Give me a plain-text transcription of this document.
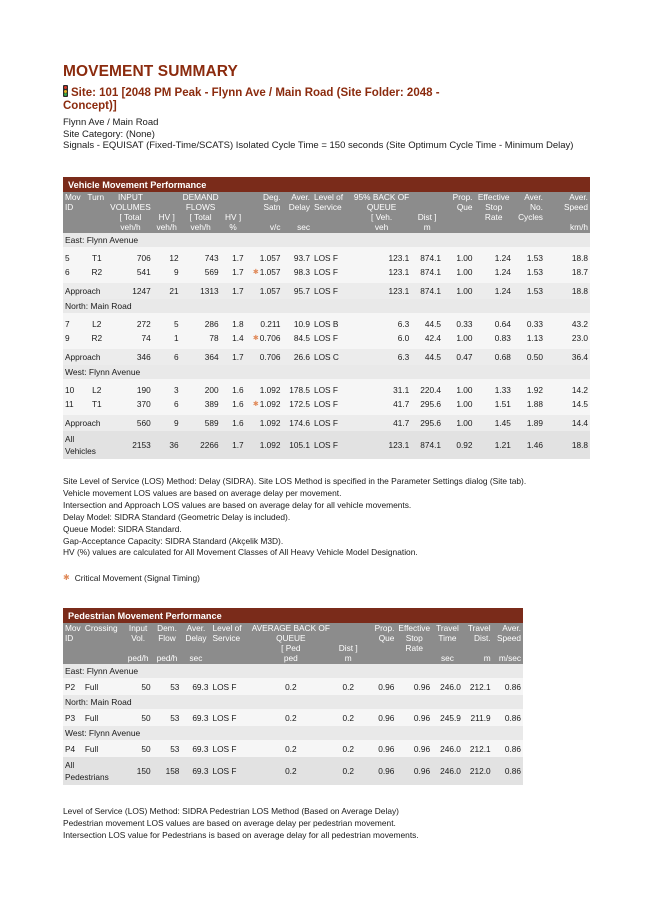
MOVEMENT SUMMARY
Site: 101 [2048 PM Peak - Flynn Ave / Main Road (Site Folder: 2048 - Concept)]
Flynn Ave / Main Road
Site Category: (None)
Signals - EQUISAT (Fixed-Time/SCATS) Isolated Cycle Time = 150 seconds (Site Optimum Cycle Time - Minimum Delay)
Vehicle Movement Performance														
Mov	Turn	INPUT		DEMAND		Deg.	Aver.	Level of	95% BACK OF		Prop.	Effective	Aver.	Aver.
ID		VOLUMES		FLOWS		Satn	Delay	Service	QUEUE		Que	Stop	No.	Speed
		[ Total	HV ]	[ Total	HV ]				[ Veh.	Dist ]		Rate	Cycles	
		veh/h	veh/h	veh/h	%	v/c	sec		veh	m				km/h
East: Flynn Avenue														

5	T1	706	12	743	1.7	1.057	93.7	LOS F	123.1	874.1	1.00	1.24	1.53	18.8
6	R2	541	9	569	1.7	✱1.057	98.3	LOS F	123.1	874.1	1.00	1.24	1.53	18.7

Approach		1247	21	1313	1.7	1.057	95.7	LOS F	123.1	874.1	1.00	1.24	1.53	18.8
North: Main Road														

7	L2	272	5	286	1.8	0.211	10.9	LOS B	6.3	44.5	0.33	0.64	0.33	43.2
9	R2	74	1	78	1.4	✱0.706	84.5	LOS F	6.0	42.4	1.00	0.83	1.13	23.0

Approach		346	6	364	1.7	0.706	26.6	LOS C	6.3	44.5	0.47	0.68	0.50	36.4
West: Flynn Avenue														

10	L2	190	3	200	1.6	1.092	178.5	LOS F	31.1	220.4	1.00	1.33	1.92	14.2
11	T1	370	6	389	1.6	✱1.092	172.5	LOS F	41.7	295.6	1.00	1.51	1.88	14.5

Approach		560	9	589	1.6	1.092	174.6	LOS F	41.7	295.6	1.00	1.45	1.89	14.4

All
Vehicles		2153	36	2266	1.7	1.092	105.1	LOS F	123.1	874.1	0.92	1.21	1.46	18.8
Site Level of Service (LOS) Method: Delay (SIDRA). Site LOS Method is specified in the Parameter Settings dialog (Site tab).
Vehicle movement LOS values are based on average delay per movement.
Intersection and Approach LOS values are based on average delay for all vehicle movements.
Delay Model: SIDRA Standard (Geometric Delay is included).
Queue Model: SIDRA Standard.
Gap-Acceptance Capacity: SIDRA Standard (Akçelik M3D).
HV (%) values are calculated for All Movement Classes of All Heavy Vehicle Model Designation.
✱ Critical Movement (Signal Timing)
Pedestrian Movement Performance												
Mov	Crossing	Input	Dem.	Aver.	Level of	AVERAGE BACK OF		Prop.	Effective	Travel	Travel	Aver.
ID		Vol.	Flow	Delay	Service	QUEUE		Que	Stop	Time	Dist.	Speed
						[ Ped	Dist ]		Rate			
		ped/h	ped/h	sec		ped	m			sec	m	m/sec
East: Flynn Avenue												
P2	Full	50	53	69.3	LOS F	0.2	0.2	0.96	0.96	246.0	212.1	0.86
North: Main Road												
P3	Full	50	53	69.3	LOS F	0.2	0.2	0.96	0.96	245.9	211.9	0.86
West: Flynn Avenue												
P4	Full	50	53	69.3	LOS F	0.2	0.2	0.96	0.96	246.0	212.1	0.86

All
Pedestrians		150	158	69.3	LOS F	0.2	0.2	0.96	0.96	246.0	212.0	0.86
Level of Service (LOS) Method: SIDRA Pedestrian LOS Method (Based on Average Delay)
Pedestrian movement LOS values are based on average delay per pedestrian movement.
Intersection LOS value for Pedestrians is based on average delay for all pedestrian movements.
